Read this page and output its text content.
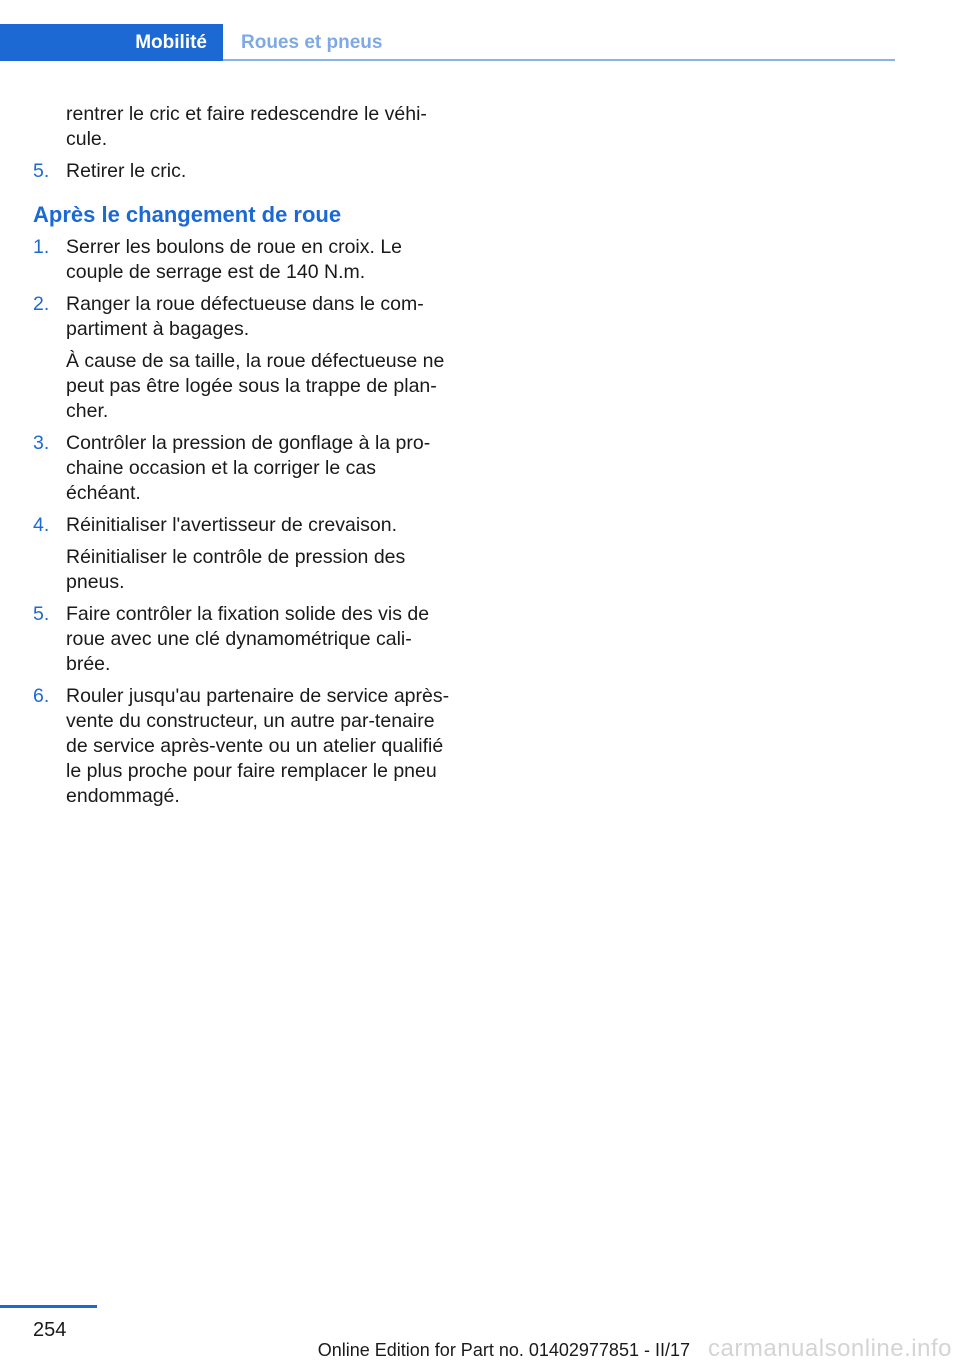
Mobilité	Roues et pneus

rentrer le cric et faire redescendre le véhi-cule.

5. Retirer le cric.
Après le changement de roue
1. Serrer les boulons de roue en croix. Le couple de serrage est de 140 N.m.
2. Ranger la roue défectueuse dans le com-partiment à bagages.
À cause de sa taille, la roue défectueuse ne peut pas être logée sous la trappe de plan-cher.
3. Contrôler la pression de gonflage à la pro-chaine occasion et la corriger le cas échéant.
4. Réinitialiser l'avertisseur de crevaison.
Réinitialiser le contrôle de pression des pneus.
5. Faire contrôler la fixation solide des vis de roue avec une clé dynamométrique cali-brée.
6. Rouler jusqu'au partenaire de service après-vente du constructeur, un autre par-tenaire de service après-vente ou un atelier qualifié le plus proche pour faire remplacer le pneu endommagé.
254
Online Edition for Part no. 01402977851 - II/17 carmanualsonline.info
